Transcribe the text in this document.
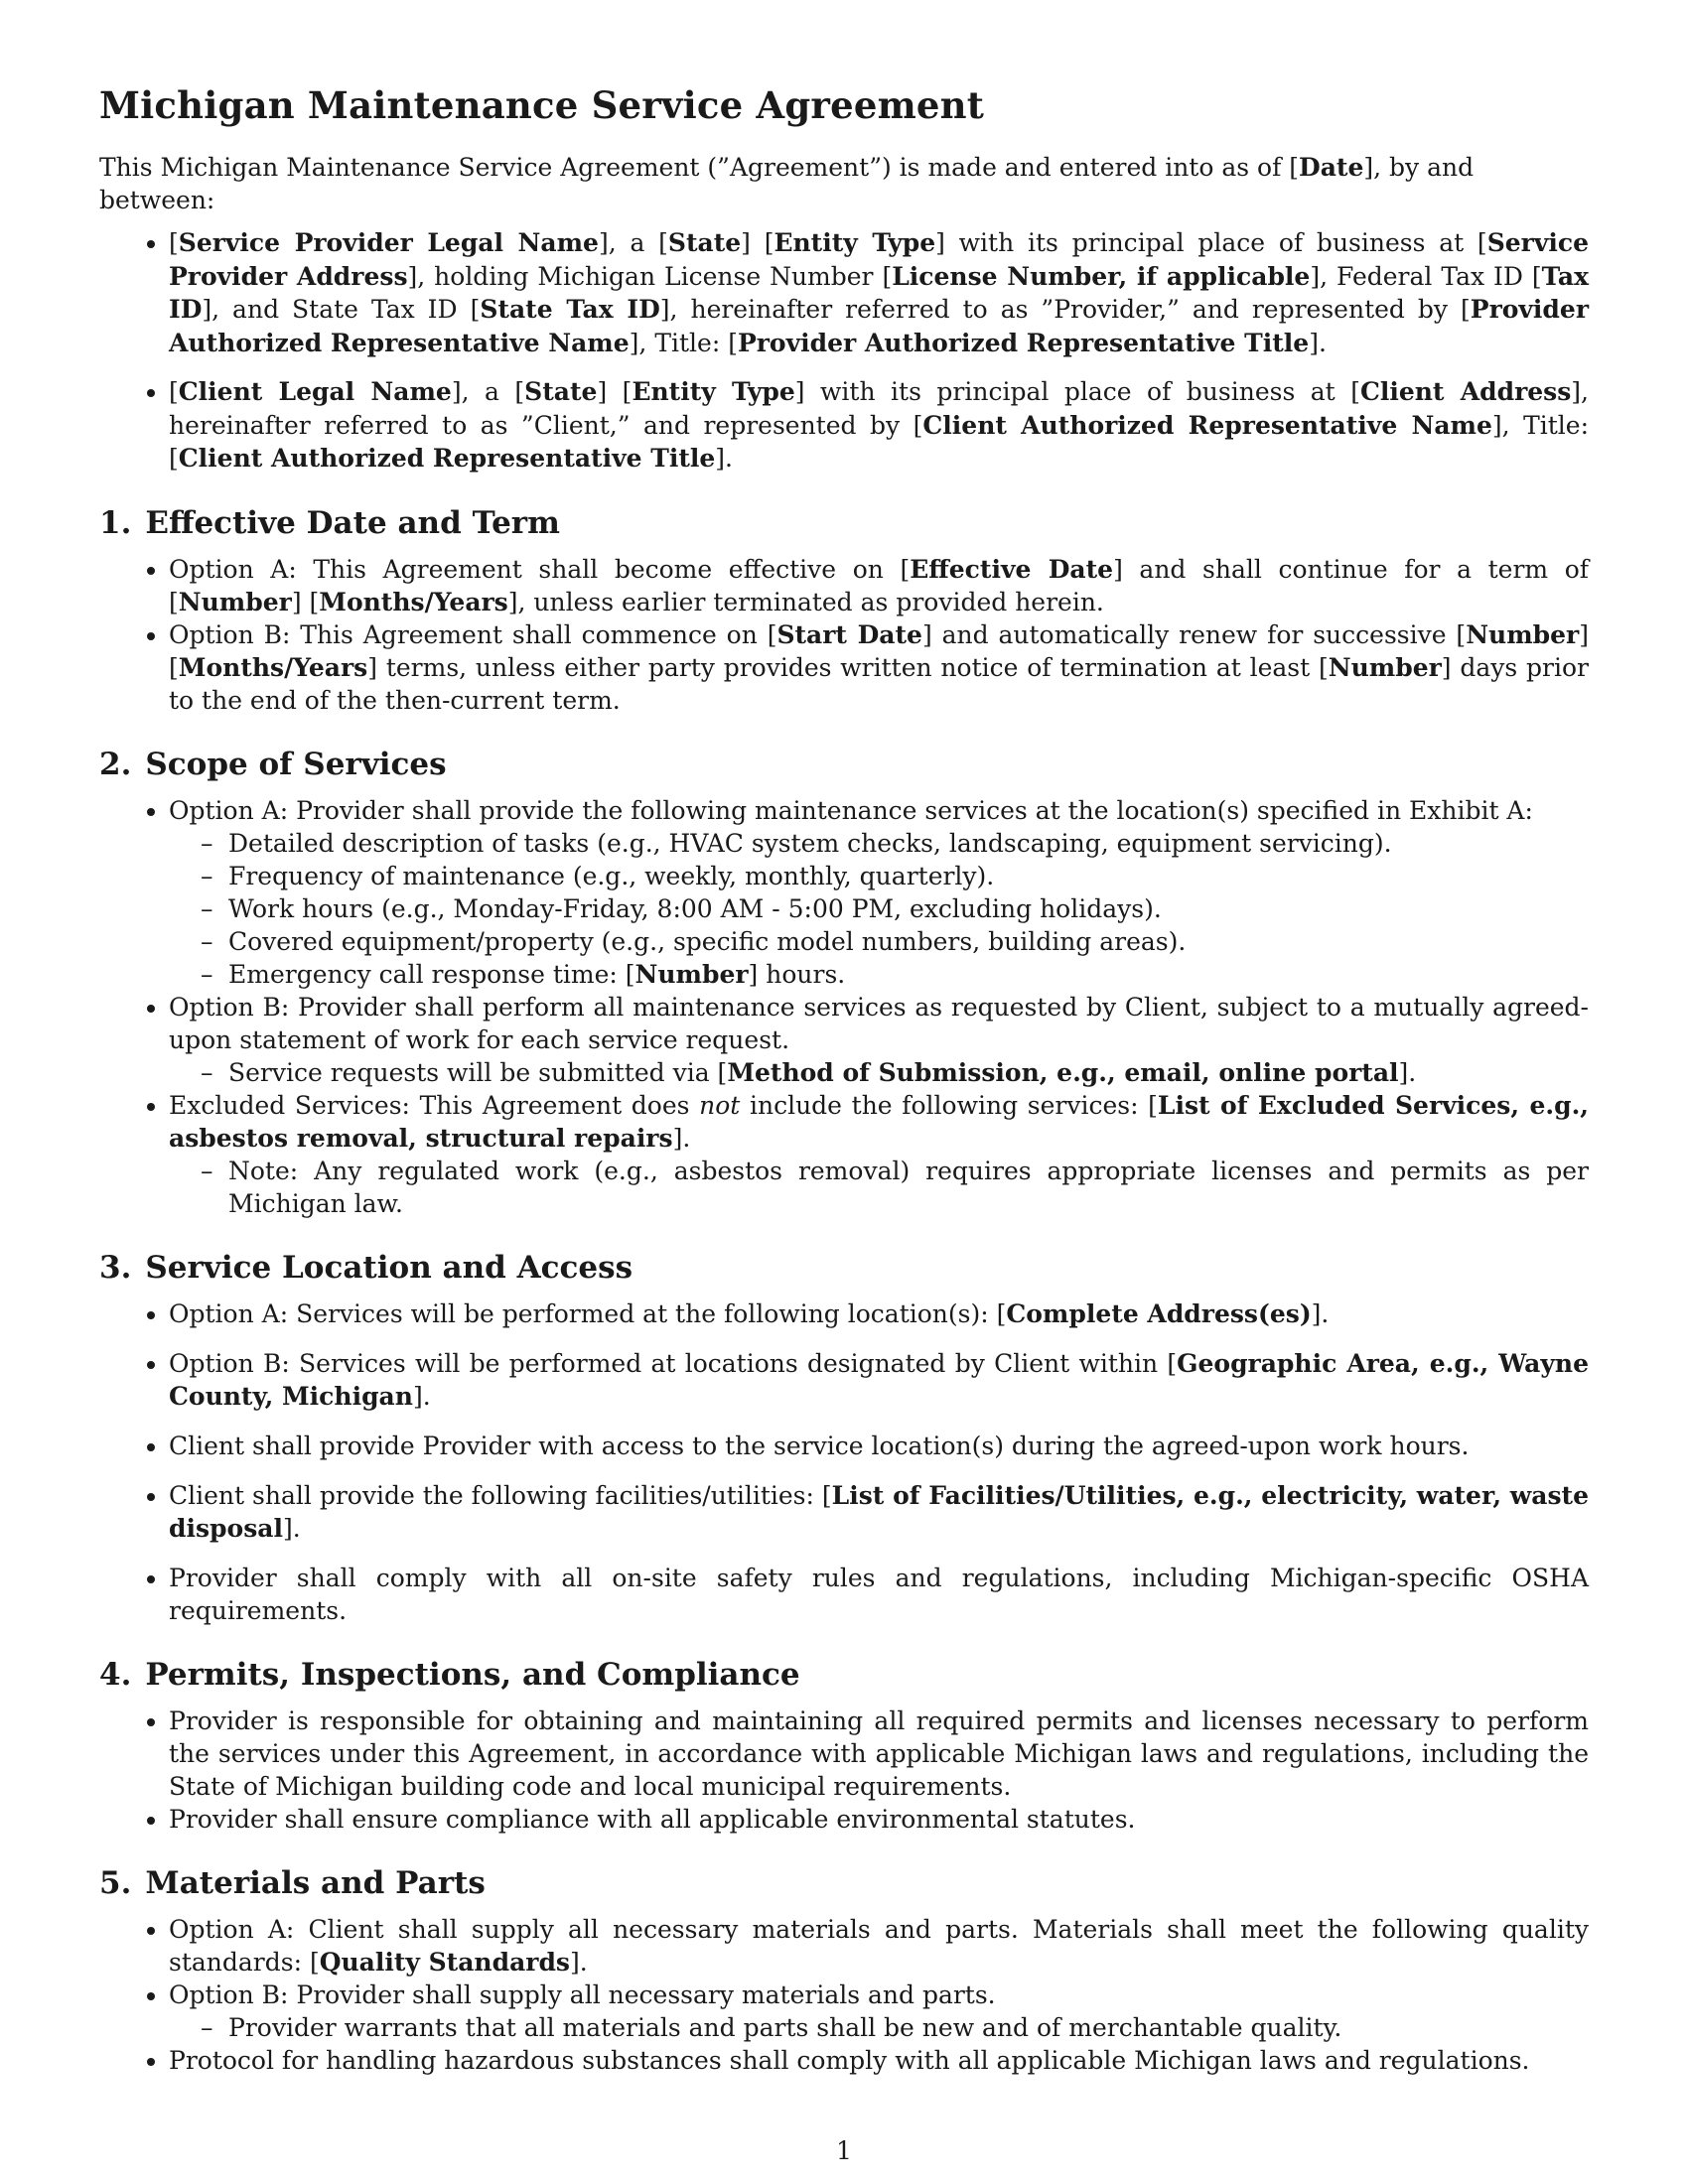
Michigan Maintenance Service Agreement

This Michigan Maintenance Service Agreement (”Agreement”) is made and entered into as of [Date], by and between:

• [Service Provider Legal Name], a [State] [Entity Type] with its principal place of business at [Service Provider Address], holding Michigan License Number [License Number, if applicable], Federal Tax ID [Tax ID], and State Tax ID [State Tax ID], hereinafter referred to as ”Provider,” and represented by [Provider Authorized Representative Name], Title: [Provider Authorized Representative Title].
• [Client Legal Name], a [State] [Entity Type] with its principal place of business at [Client Address], hereinafter referred to as ”Client,” and represented by [Client Authorized Representative Name], Title: [Client Authorized Representative Title].
1. Effective Date and Term
• Option A: This Agreement shall become effective on [Effective Date] and shall continue for a term of [Number] [Months/Years], unless earlier terminated as provided herein.
• Option B: This Agreement shall commence on [Start Date] and automatically renew for successive [Number] [Months/Years] terms, unless either party provides written notice of termination at least [Number] days prior to the end of the then-current term.
2. Scope of Services
• Option A: Provider shall provide the following maintenance services at the location(s) specified in Exhibit A:
– Detailed description of tasks (e.g., HVAC system checks, landscaping, equipment servicing).
– Frequency of maintenance (e.g., weekly, monthly, quarterly).
– Work hours (e.g., Monday-Friday, 8:00 AM - 5:00 PM, excluding holidays).
– Covered equipment/property (e.g., specific model numbers, building areas).
– Emergency call response time: [Number] hours.
• Option B: Provider shall perform all maintenance services as requested by Client, subject to a mutually agreed-upon statement of work for each service request.
– Service requests will be submitted via [Method of Submission, e.g., email, online portal].
• Excluded Services: This Agreement does not include the following services: [List of Excluded Services, e.g., asbestos removal, structural repairs].
– Note: Any regulated work (e.g., asbestos removal) requires appropriate licenses and permits as per Michigan law.
3. Service Location and Access
• Option A: Services will be performed at the following location(s): [Complete Address(es)].
• Option B: Services will be performed at locations designated by Client within [Geographic Area, e.g., Wayne County, Michigan].
• Client shall provide Provider with access to the service location(s) during the agreed-upon work hours.
• Client shall provide the following facilities/utilities: [List of Facilities/Utilities, e.g., electricity, water, waste disposal].
• Provider shall comply with all on-site safety rules and regulations, including Michigan-specific OSHA requirements.
4. Permits, Inspections, and Compliance
• Provider is responsible for obtaining and maintaining all required permits and licenses necessary to perform the services under this Agreement, in accordance with applicable Michigan laws and regulations, including the State of Michigan building code and local municipal requirements.
• Provider shall ensure compliance with all applicable environmental statutes.
5. Materials and Parts
• Option A: Client shall supply all necessary materials and parts. Materials shall meet the following quality standards: [Quality Standards].
• Option B: Provider shall supply all necessary materials and parts.
– Provider warrants that all materials and parts shall be new and of merchantable quality.
• Protocol for handling hazardous substances shall comply with all applicable Michigan laws and regulations.
1
